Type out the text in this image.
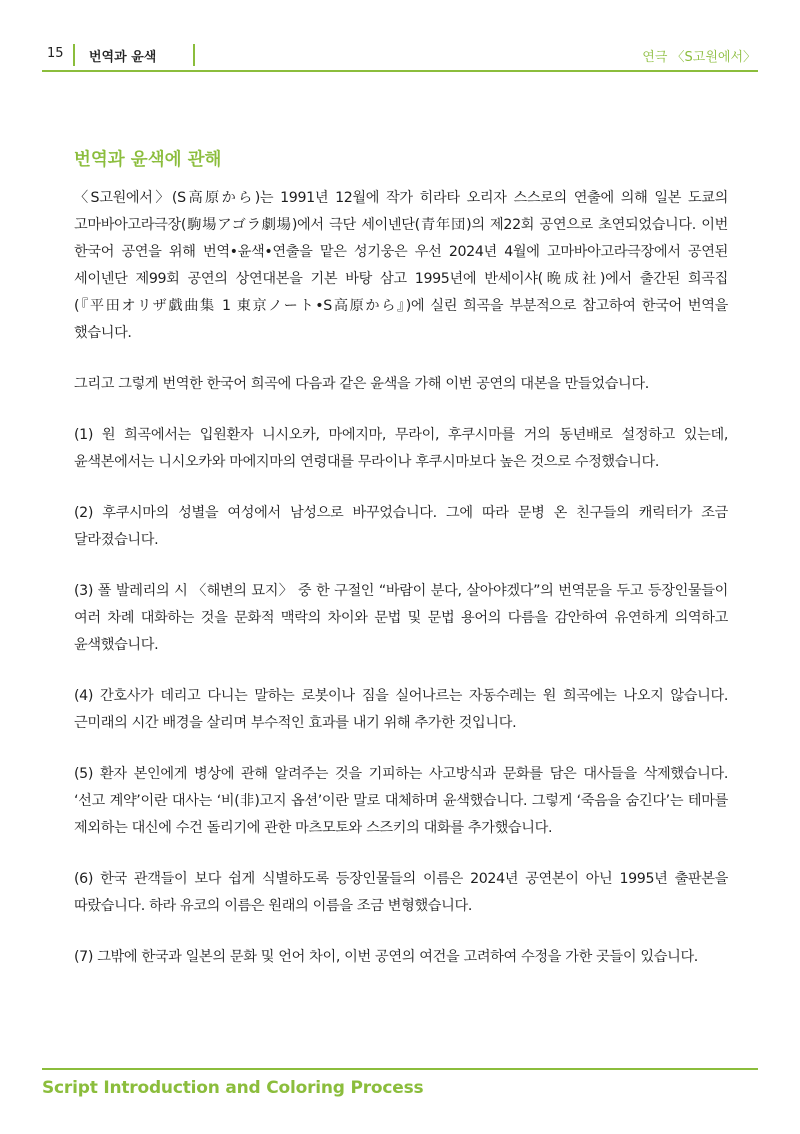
15 번역과 윤색	연극 〈S고원에서〉
번역과 윤색에 관해

〈S고원에서〉(S高原から)는 1991년 12월에 작가 히라타 오리자 스스로의 연출에 의해 일본 도쿄의 고마바아고라극장(駒場アゴラ劇場)에서 극단 세이넨단(青年団)의 제22회 공연으로 초연되었습니다. 이번 한국어 공연을 위해 번역•윤색•연출을 맡은 성기웅은 우선 2024년 4월에 고마바아고라극장에서 공연된 세이넨단 제99회 공연의 상연대본을 기본 바탕 삼고 1995년에 반세이샤(晩成社)에서 출간된 희곡집(『平田オリザ戯曲集 1 東京ノート•S高原から』)에 실린 희곡을 부분적으로 참고하여 한국어 번역을 했습니다.

그리고 그렇게 번역한 한국어 희곡에 다음과 같은 윤색을 가해 이번 공연의 대본을 만들었습니다.

(1) 원 희곡에서는 입원환자 니시오카, 마에지마, 무라이, 후쿠시마를 거의 동년배로 설정하고 있는데, 윤색본에서는 니시오카와 마에지마의 연령대를 무라이나 후쿠시마보다 높은 것으로 수정했습니다.

(2) 후쿠시마의 성별을 여성에서 남성으로 바꾸었습니다. 그에 따라 문병 온 친구들의 캐릭터가 조금 달라졌습니다.

(3) 폴 발레리의 시 〈해변의 묘지〉 중 한 구절인 “바람이 분다, 살아야겠다”의 번역문을 두고 등장인물들이 여러 차례 대화하는 것을 문화적 맥락의 차이와 문법 및 문법 용어의 다름을 감안하여 유연하게 의역하고 윤색했습니다.

(4) 간호사가 데리고 다니는 말하는 로봇이나 짐을 실어나르는 자동수레는 원 희곡에는 나오지 않습니다. 근미래의 시간 배경을 살리며 부수적인 효과를 내기 위해 추가한 것입니다.

(5) 환자 본인에게 병상에 관해 알려주는 것을 기피하는 사고방식과 문화를 담은 대사들을 삭제했습니다. ‘선고 계약’이란 대사는 ‘비(非)고지 옵션’이란 말로 대체하며 윤색했습니다. 그렇게 ‘죽음을 숨긴다’는 테마를 제외하는 대신에 수건 돌리기에 관한 마츠모토와 스즈키의 대화를 추가했습니다.

(6) 한국 관객들이 보다 쉽게 식별하도록 등장인물들의 이름은 2024년 공연본이 아닌 1995년 출판본을 따랐습니다. 하라 유코의 이름은 원래의 이름을 조금 변형했습니다.

(7) 그밖에 한국과 일본의 문화 및 언어 차이, 이번 공연의 여건을 고려하여 수정을 가한 곳들이 있습니다.

Script Introduction and Coloring Process
